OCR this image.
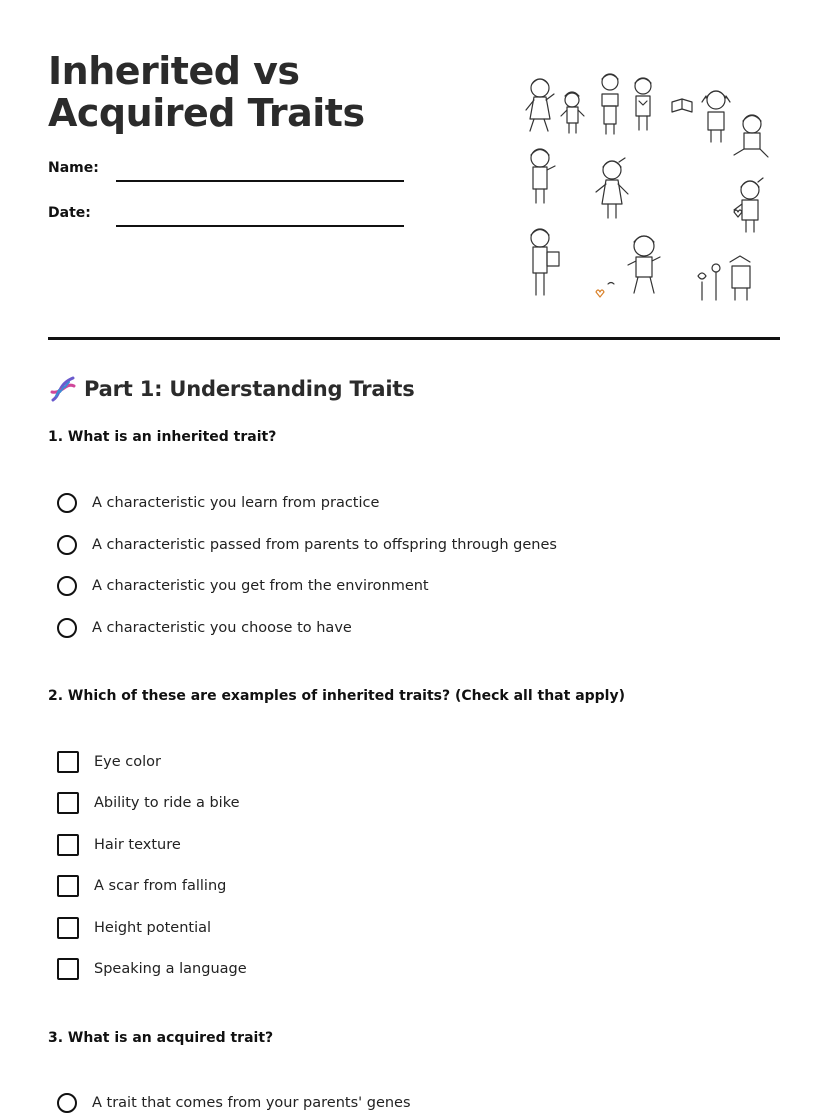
Inherited vs Acquired Traits
Name:
Date:
Part 1: Understanding Traits

1. What is an inherited trait?

A characteristic you learn from practice
A characteristic passed from parents to offspring through genes
A characteristic you get from the environment
A characteristic you choose to have

2. Which of these are examples of inherited traits? (Check all that apply)

Eye color
Ability to ride a bike
Hair texture
A scar from falling
Height potential
Speaking a language

3. What is an acquired trait?

A trait that comes from your parents' genes
